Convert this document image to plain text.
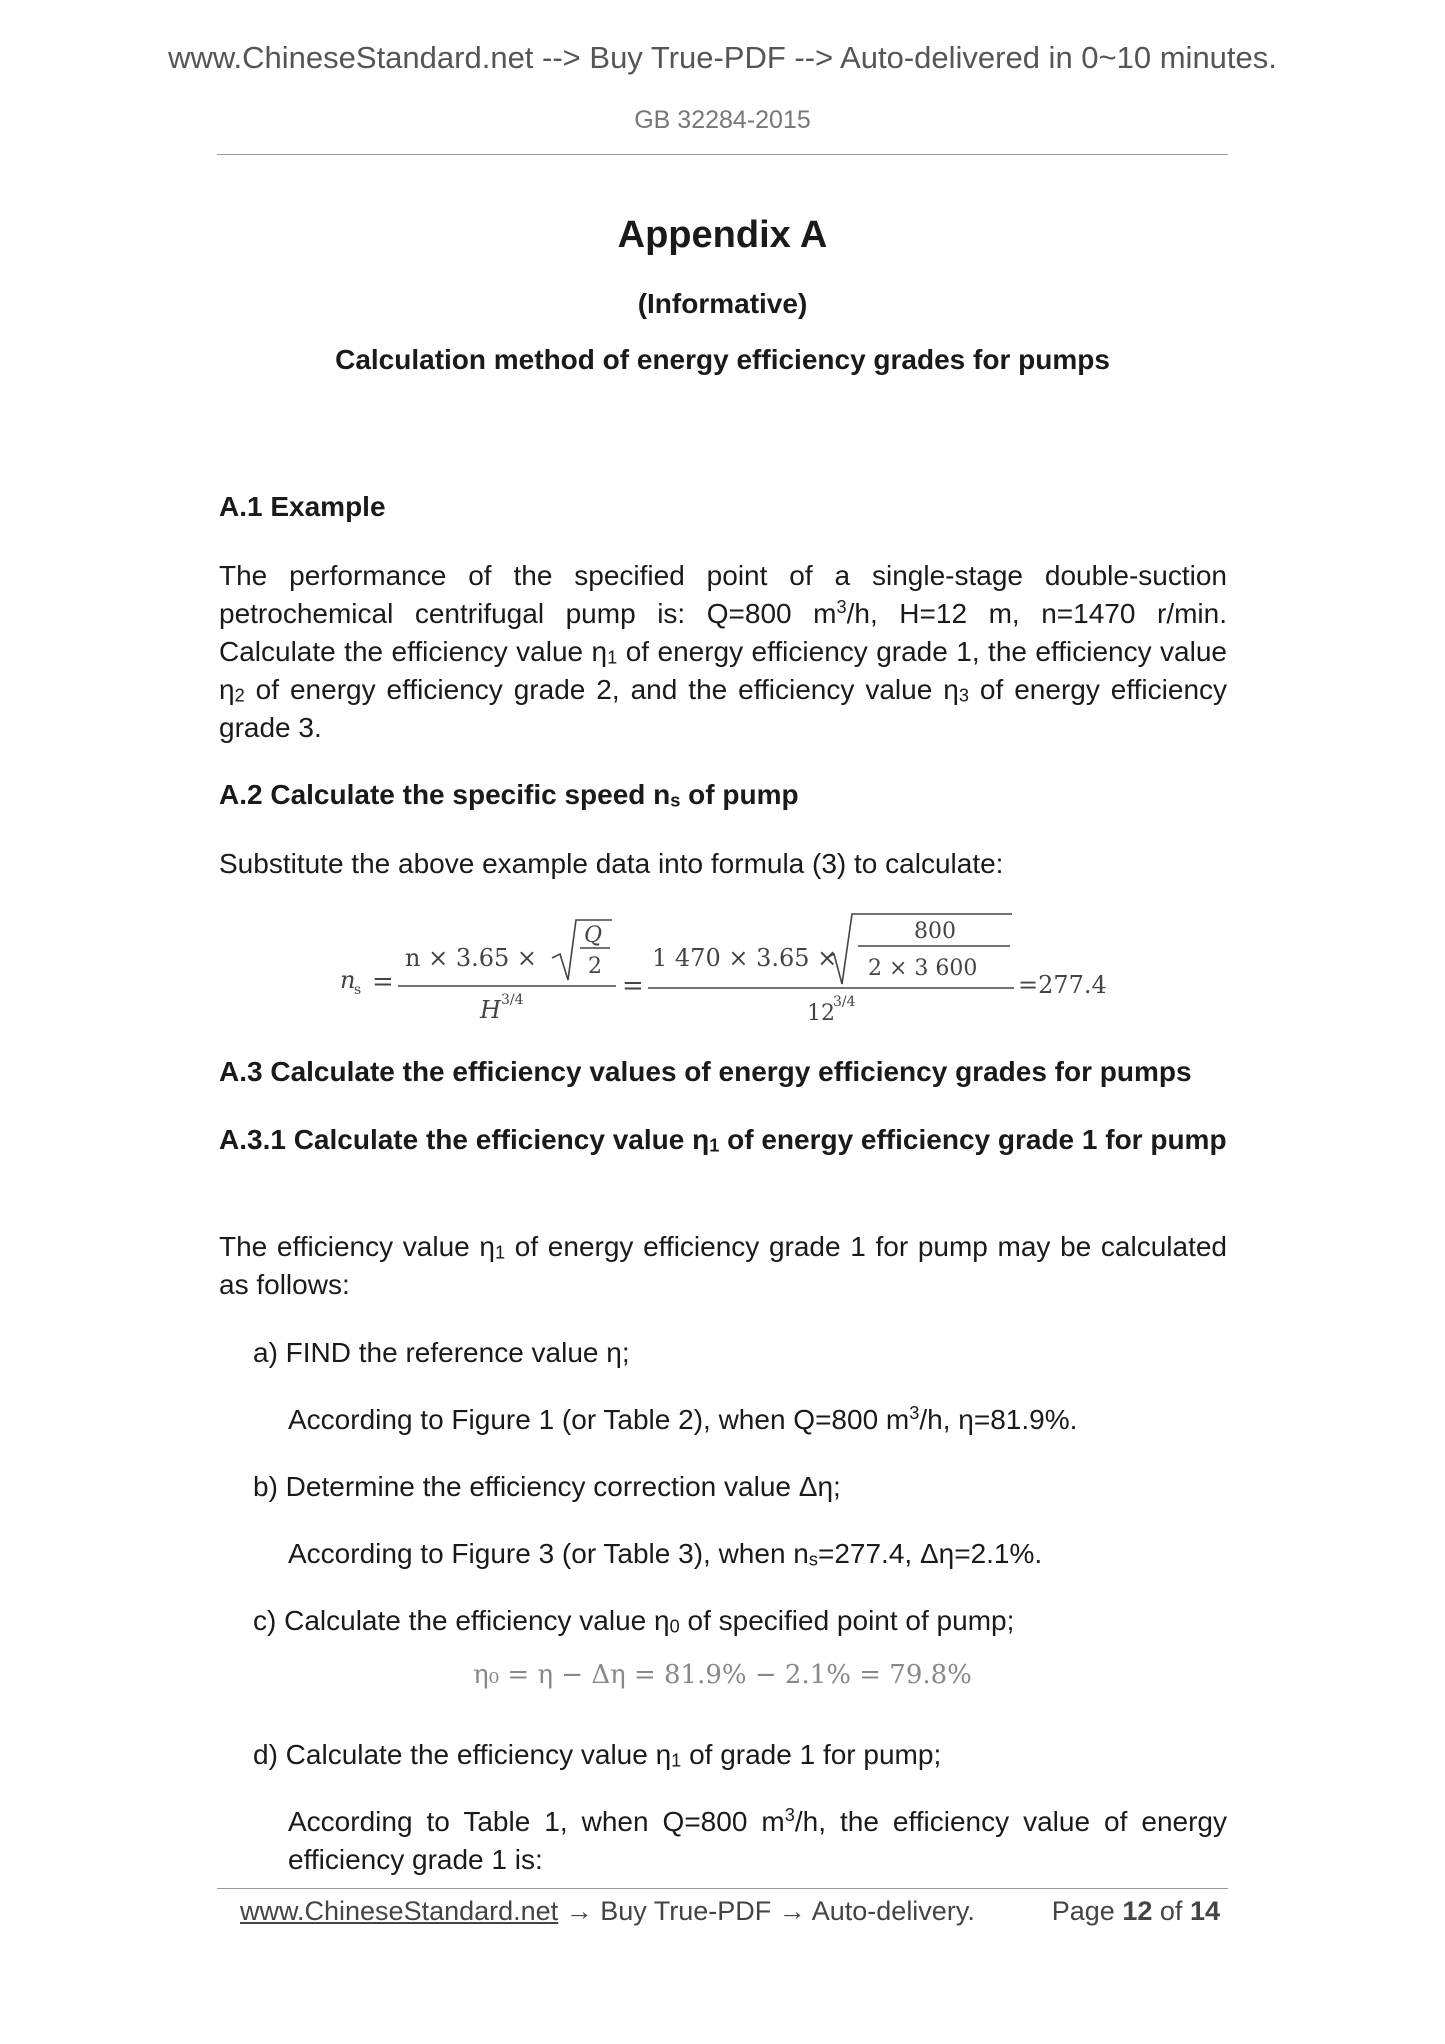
www.ChineseStandard.net --> Buy True-PDF --> Auto-delivered in 0~10 minutes.
GB 32284-2015
Appendix A
(Informative)
Calculation method of energy efficiency grades for pumps
A.1 Example
The performance of the specified point of a single-stage double-suction petrochemical centrifugal pump is: Q=800 $m^3/h$, H=12 m, n=1470 r/min. Calculate the efficiency value $\eta_1$ of energy efficiency grade 1, the efficiency value $\eta_2$ of energy efficiency grade 2, and the efficiency value $\eta_3$ of energy efficiency grade 3.
A.2 Calculate the specific speed $n_s$ of pump
Substitute the above example data into formula (3) to calculate:
n
s =
n × 3.65 ×
Q
2
H 3/4	=
1 470 × 3.65 ×
800
2 × 3 600
12
3/4
=277.4
A.3 Calculate the efficiency values of energy efficiency grades for pumps
A.3.1 Calculate the efficiency value $\eta_1$ of energy efficiency grade 1 for pump
The efficiency value $\eta_1$ of energy efficiency grade 1 for pump may be calculated as follows:
a) FIND the reference value η;
According to Figure 1 (or Table 2), when Q=800 $m^3/h$, η=81.9%.
b) Determine the efficiency correction value Δη;
According to Figure 3 (or Table 3), when $n_s=277.4$, Δη=2.1%.
c) Calculate the efficiency value $\eta_0$ of specified point of pump;
η₀ = η − Δη = 81.9% − 2.1% = 79.8%
d) Calculate the efficiency value $\eta_1$ of grade 1 for pump;
According to Table 1, when Q=800 $m^3/h$, the efficiency value of energy efficiency grade 1 is:
www.ChineseStandard.net → Buy True-PDF → Auto-delivery.	Page 12 of 14
